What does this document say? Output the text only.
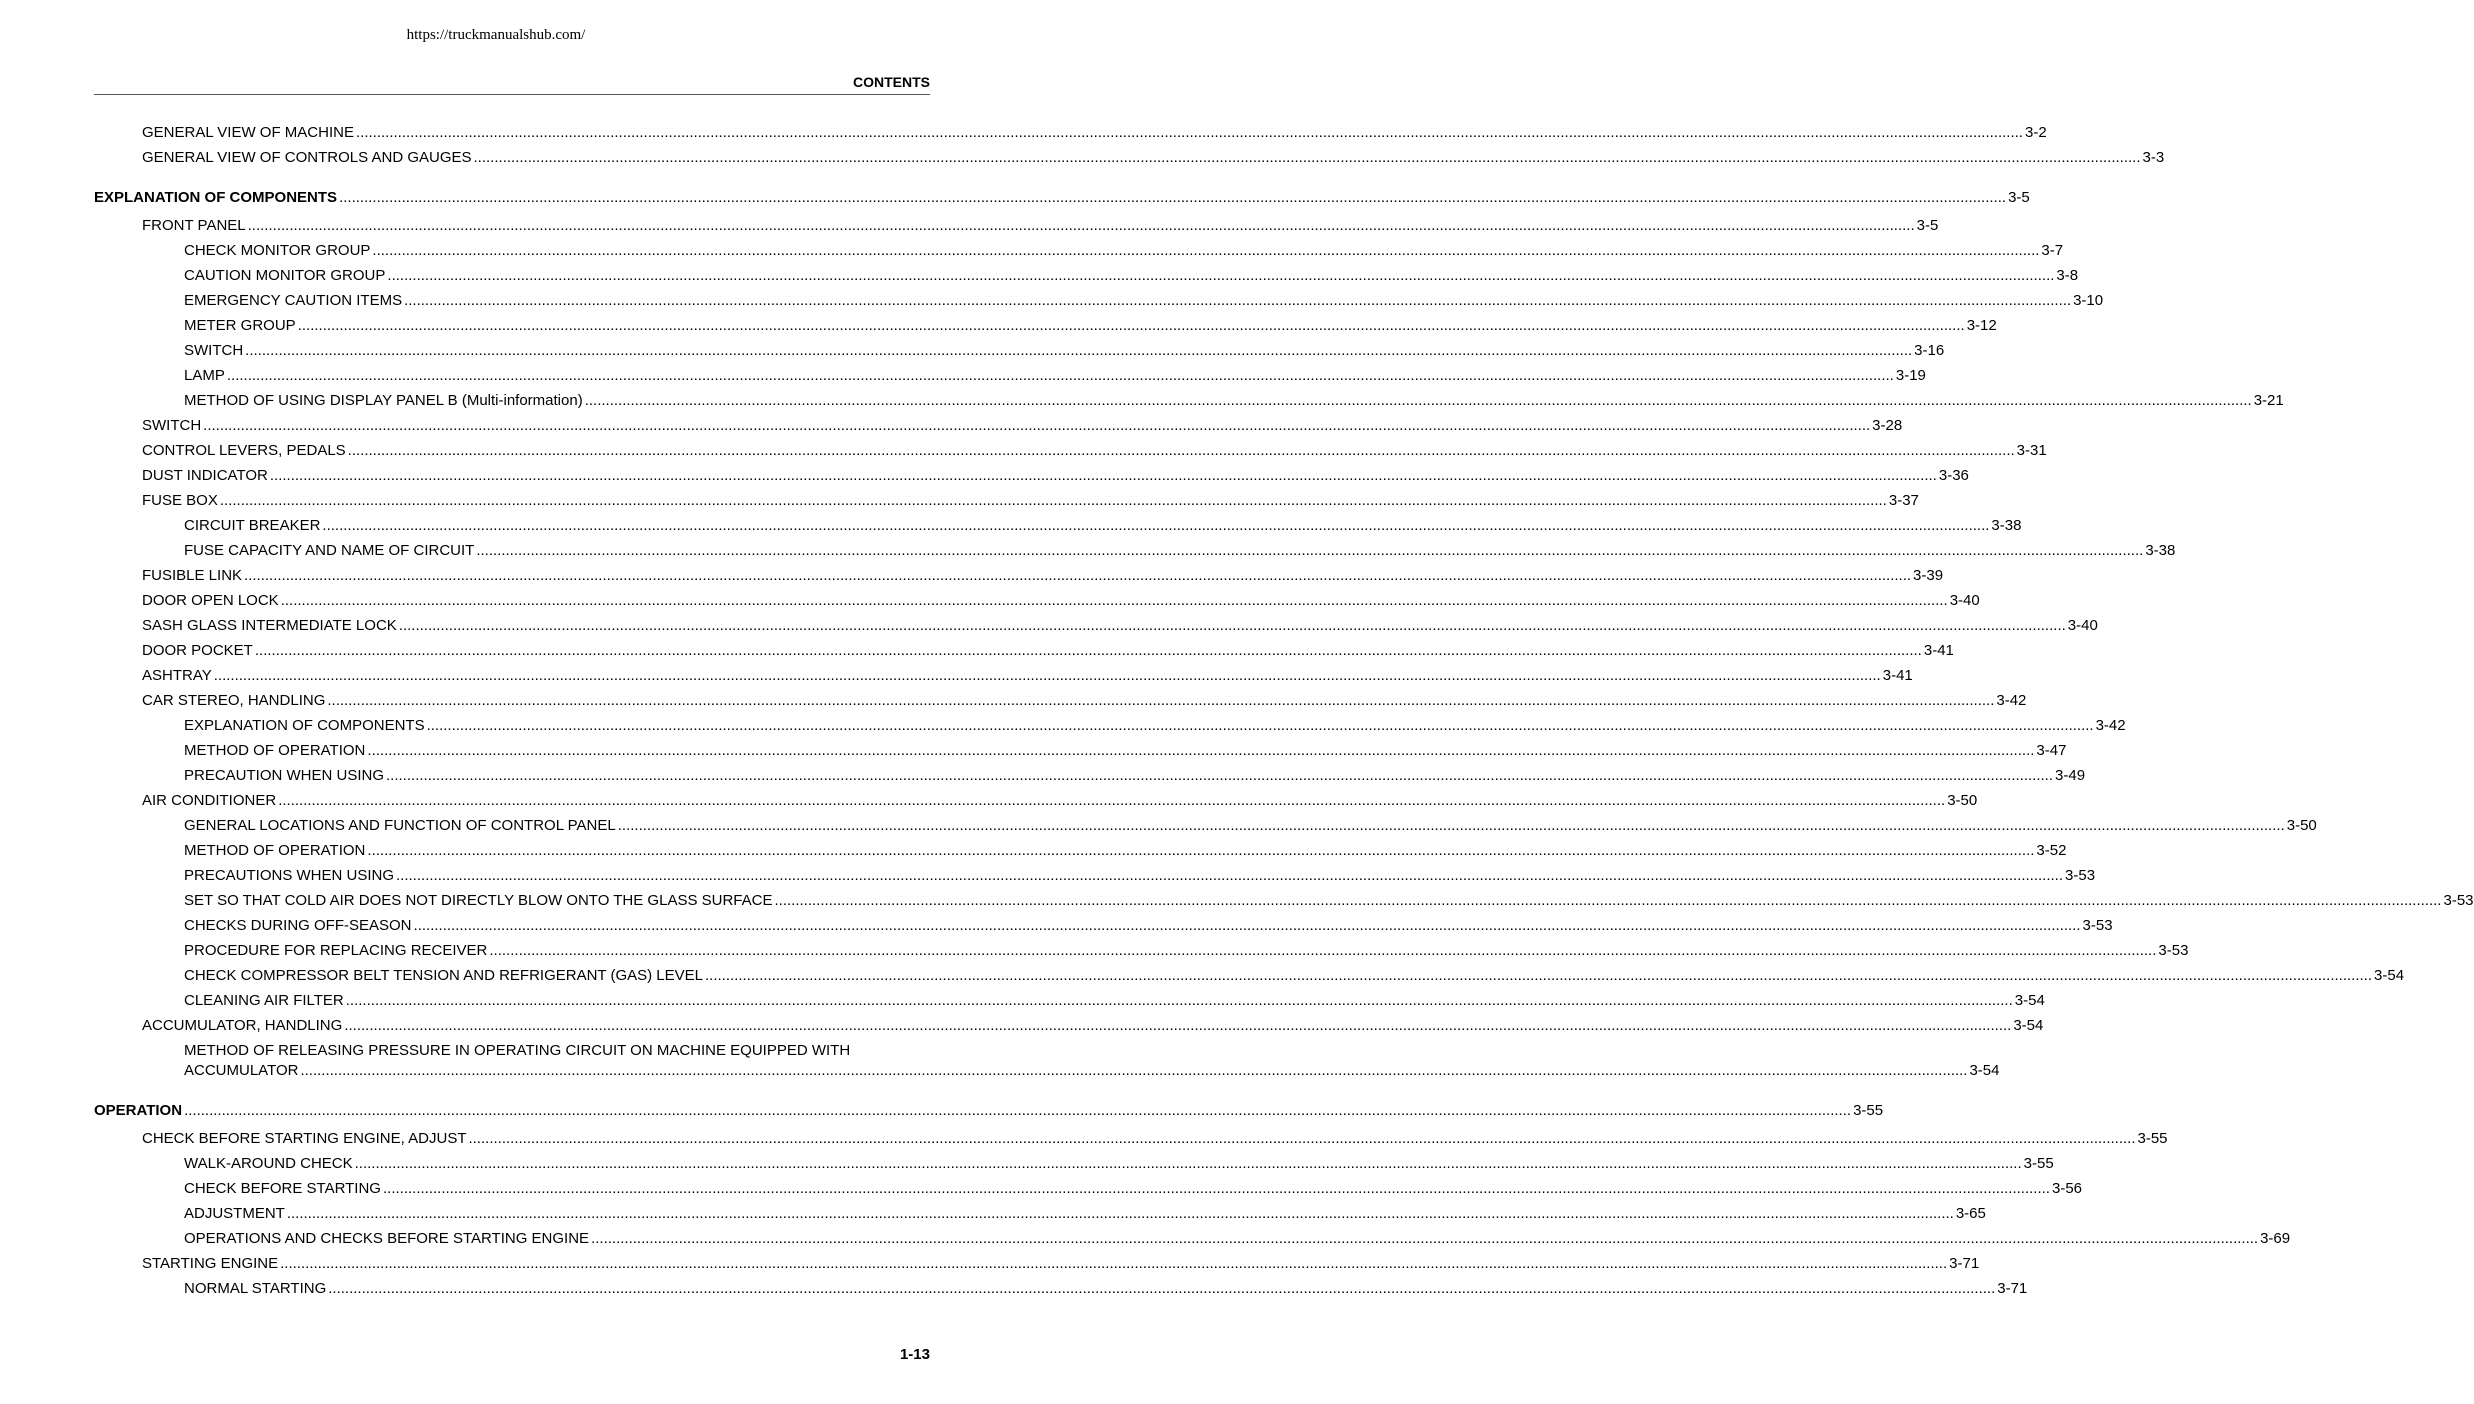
https://truckmanualshub.com/
CONTENTS
GENERAL VIEW OF MACHINE ................................................................................................................................................................................................................................................................................................................................................................................................................ 3-2
GENERAL VIEW OF CONTROLS AND GAUGES ................................................................................................................................................................................................................................................................................................................................................................................................................ 3-3
EXPLANATION OF COMPONENTS ................................................................................................................................................................................................................................................................................................................................................................................................................ 3-5
FRONT PANEL ................................................................................................................................................................................................................................................................................................................................................................................................................ 3-5
CHECK MONITOR GROUP ................................................................................................................................................................................................................................................................................................................................................................................................................ 3-7
CAUTION MONITOR GROUP ................................................................................................................................................................................................................................................................................................................................................................................................................ 3-8
EMERGENCY CAUTION ITEMS ................................................................................................................................................................................................................................................................................................................................................................................................................ 3-10
METER GROUP ................................................................................................................................................................................................................................................................................................................................................................................................................ 3-12
SWITCH ................................................................................................................................................................................................................................................................................................................................................................................................................ 3-16
LAMP ................................................................................................................................................................................................................................................................................................................................................................................................................ 3-19
METHOD OF USING DISPLAY PANEL B (Multi-information) ................................................................................................................................................................................................................................................................................................................................................................................................................ 3-21
SWITCH ................................................................................................................................................................................................................................................................................................................................................................................................................ 3-28
CONTROL LEVERS, PEDALS ................................................................................................................................................................................................................................................................................................................................................................................................................ 3-31
DUST INDICATOR ................................................................................................................................................................................................................................................................................................................................................................................................................ 3-36
FUSE BOX ................................................................................................................................................................................................................................................................................................................................................................................................................ 3-37
CIRCUIT BREAKER ................................................................................................................................................................................................................................................................................................................................................................................................................ 3-38
FUSE CAPACITY AND NAME OF CIRCUIT ................................................................................................................................................................................................................................................................................................................................................................................................................ 3-38
FUSIBLE LINK ................................................................................................................................................................................................................................................................................................................................................................................................................ 3-39
DOOR OPEN LOCK ................................................................................................................................................................................................................................................................................................................................................................................................................ 3-40
SASH GLASS INTERMEDIATE LOCK ................................................................................................................................................................................................................................................................................................................................................................................................................ 3-40
DOOR POCKET ................................................................................................................................................................................................................................................................................................................................................................................................................ 3-41
ASHTRAY ................................................................................................................................................................................................................................................................................................................................................................................................................ 3-41
CAR STEREO, HANDLING ................................................................................................................................................................................................................................................................................................................................................................................................................ 3-42
EXPLANATION OF COMPONENTS ................................................................................................................................................................................................................................................................................................................................................................................................................ 3-42
METHOD OF OPERATION ................................................................................................................................................................................................................................................................................................................................................................................................................ 3-47
PRECAUTION WHEN USING ................................................................................................................................................................................................................................................................................................................................................................................................................ 3-49
AIR CONDITIONER ................................................................................................................................................................................................................................................................................................................................................................................................................ 3-50
GENERAL LOCATIONS AND FUNCTION OF CONTROL PANEL ................................................................................................................................................................................................................................................................................................................................................................................................................ 3-50
METHOD OF OPERATION ................................................................................................................................................................................................................................................................................................................................................................................................................ 3-52
PRECAUTIONS WHEN USING ................................................................................................................................................................................................................................................................................................................................................................................................................ 3-53
SET SO THAT COLD AIR DOES NOT DIRECTLY BLOW ONTO THE GLASS SURFACE ................................................................................................................................................................................................................................................................................................................................................................................................................ 3-53
CHECKS DURING OFF-SEASON ................................................................................................................................................................................................................................................................................................................................................................................................................ 3-53
PROCEDURE FOR REPLACING RECEIVER ................................................................................................................................................................................................................................................................................................................................................................................................................ 3-53
CHECK COMPRESSOR BELT TENSION AND REFRIGERANT (GAS) LEVEL ................................................................................................................................................................................................................................................................................................................................................................................................................ 3-54
CLEANING AIR FILTER ................................................................................................................................................................................................................................................................................................................................................................................................................ 3-54
ACCUMULATOR, HANDLING ................................................................................................................................................................................................................................................................................................................................................................................................................ 3-54
METHOD OF RELEASING PRESSURE IN OPERATING CIRCUIT ON MACHINE EQUIPPED WITH
ACCUMULATOR ................................................................................................................................................................................................................................................................................................................................................................................................................ 3-54
OPERATION ................................................................................................................................................................................................................................................................................................................................................................................................................ 3-55
CHECK BEFORE STARTING ENGINE, ADJUST ................................................................................................................................................................................................................................................................................................................................................................................................................ 3-55
WALK-AROUND CHECK ................................................................................................................................................................................................................................................................................................................................................................................................................ 3-55
CHECK BEFORE STARTING ................................................................................................................................................................................................................................................................................................................................................................................................................ 3-56
ADJUSTMENT ................................................................................................................................................................................................................................................................................................................................................................................................................ 3-65
OPERATIONS AND CHECKS BEFORE STARTING ENGINE ................................................................................................................................................................................................................................................................................................................................................................................................................ 3-69
STARTING ENGINE ................................................................................................................................................................................................................................................................................................................................................................................................................ 3-71
NORMAL STARTING ................................................................................................................................................................................................................................................................................................................................................................................................................ 3-71
1-13
